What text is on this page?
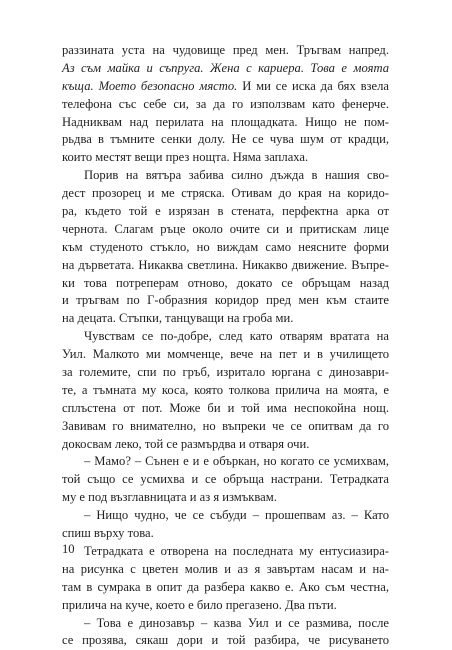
раззината уста на чудовище пред мен. Тръгвам напред.
Аз съм майка и съпруга. Жена с кариера. Това е моята
къща. Моето безопасно място. И ми се иска да бях взела
телефона със себе си, за да го използвам като фенерче.
Надниквам над перилата на площадката. Нищо не пом-
рьдва в тъмните сенки долу. Не се чува шум от крадци,
които местят вещи през нощта. Няма заплаха.
Порив на вятъра забива силно дъжда в нашия сво-
дест прозорец и ме стряска. Отивам до края на коридо-
ра, където той е изрязан в стената, перфектна арка от
чернота. Слагам ръце около очите си и притискам лице
към студеното стъкло, но виждам само неясните форми
на дърветата. Никаква светлина. Никакво движение. Въпре-
ки това потреперaм отново, докато се обръщам назад
и тръгвам по Г-образния коридор пред мен към стаите
на децата. Стъпки, танцуващи на гроба ми.
Чувствам се по-добре, след като отварям вратата на
Уил. Малкото ми момченце, вече на пет и в училището
за големите, спи по гръб, изритало юргана с динозаври-
те, а тъмната му коса, която толкова прилича на моята, е
сплъстена от пот. Може би и той има неспокойна нощ.
Завивам го внимателно, но въпреки че се опитвам да го
докосвам леко, той се размърдва и отваря очи.
– Мамо? – Сънен е и е объркан, но когато се усмихвам,
той също се усмихва и се обръща настрани. Тетрадката
му е под възглавницата и аз я измъквам.
– Нищо чудно, че се събуди – прошепвам аз. – Като
спиш върху това.
Тетрадката е отворена на последната му ентусиазира-
на рисунка с цветен молив и аз я завъртам насам и на-
там в сумрака в опит да разбера какво е. Ако съм честна,
прилича на куче, което е било прегазено. Два пъти.
– Това е динозавър – казва Уил и се размива, после
се прозява, сякаш дори и той разбира, че рисуването
10
